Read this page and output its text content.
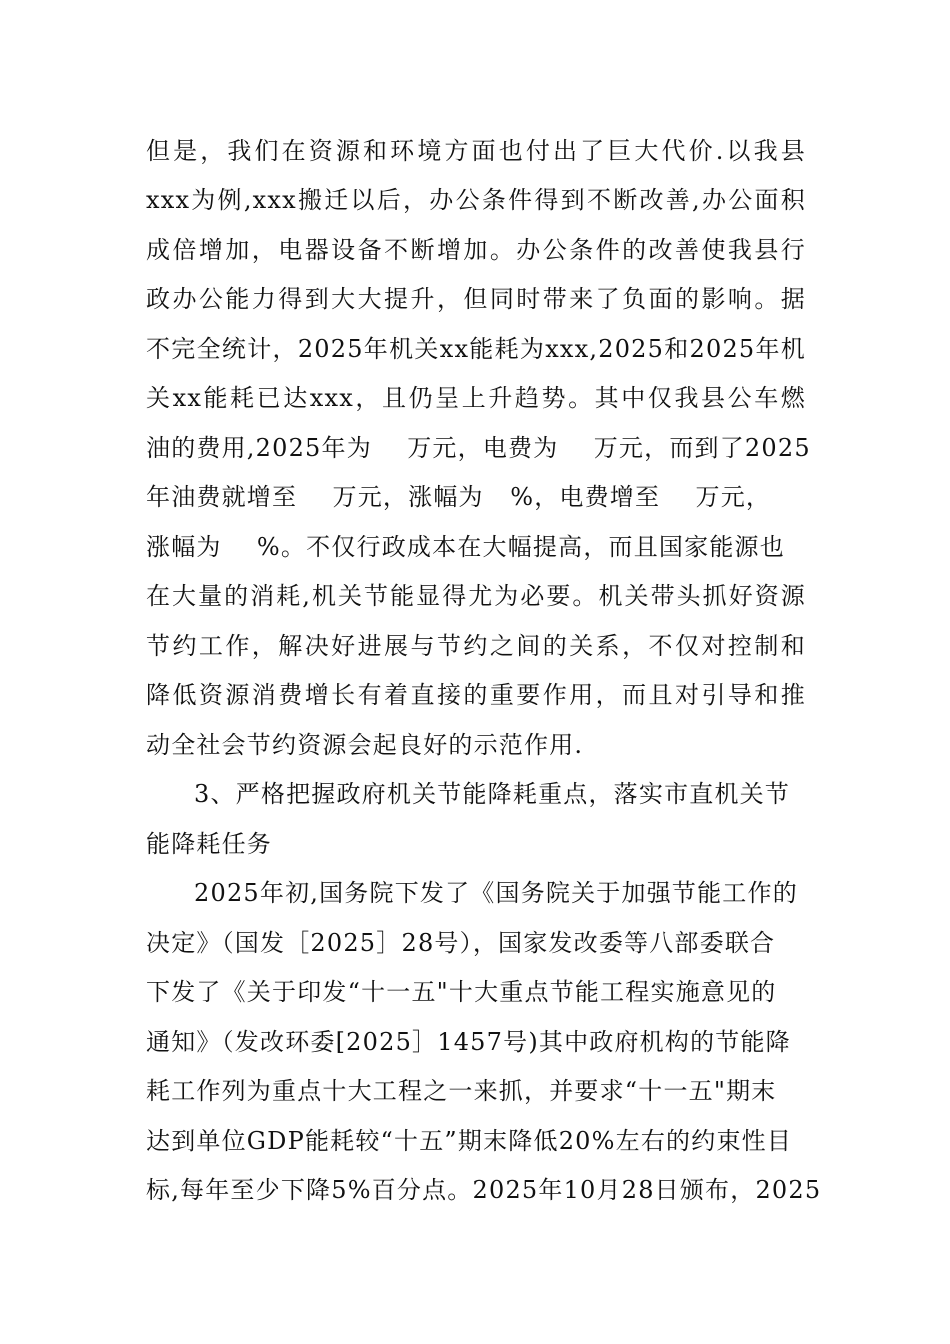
但是，我们在资源和环境方面也付出了巨大代价.以我县
xxx为例,xxx搬迁以后，办公条件得到不断改善,办公面积
成倍增加，电器设备不断增加。办公条件的改善使我县行
政办公能力得到大大提升，但同时带来了负面的影响。据
不完全统计，2025年机关xx能耗为xxx,2025和2025年机
关xx能耗已达xxx，且仍呈上升趋势。其中仅我县公车燃
油的费用,2025年为    万元，电费为    万元，而到了2025
年油费就增至    万元，涨幅为   %，电费增至    万元，
涨幅为    %。不仅行政成本在大幅提高，而且国家能源也
在大量的消耗,机关节能显得尤为必要。机关带头抓好资源
节约工作，解决好进展与节约之间的关系，不仅对控制和
降低资源消费增长有着直接的重要作用，而且对引导和推
动全社会节约资源会起良好的示范作用.
3、严格把握政府机关节能降耗重点，落实市直机关节
能降耗任务
2025年初,国务院下发了《国务院关于加强节能工作的
决定》（国发［2025］28号），国家发改委等八部委联合
下发了《关于印发“十一五"十大重点节能工程实施意见的
通知》（发改环委[2025］1457号)其中政府机构的节能降
耗工作列为重点十大工程之一来抓，并要求“十一五"期末
达到单位GDP能耗较“十五”期末降低20%左右的约束性目
标,每年至少下降5%百分点。2025年10月28日颁布，2025
